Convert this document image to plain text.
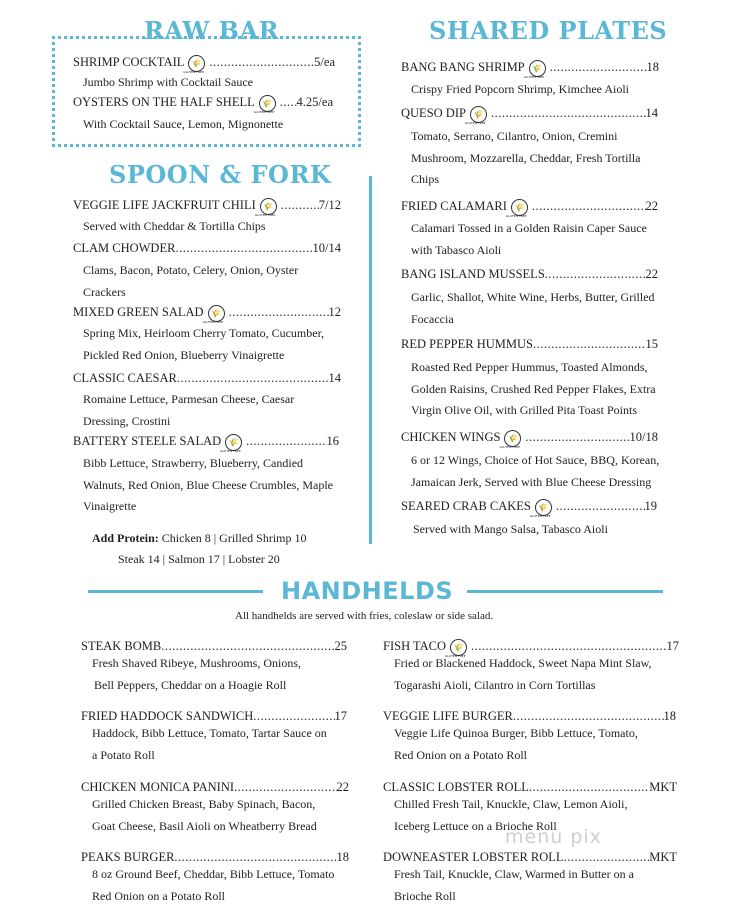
RAW BAR
SHRIMP COCKTAIL 🌾 GLUTEN FREE .....	5/ea
Jumbo Shrimp with Cocktail Sauce
OYSTERS ON THE HALF SHELL 🌾 GLUTEN FREE ..... 4.25/ea
With Cocktail Sauce, Lemon, Mignonette
SPOON & FORK
VEGGIE LIFE JACKFRUIT CHILI 🌾 GLUTEN FREE .....	7/12
Served with Cheddar & Tortilla Chips
CLAM CHOWDER .....	10/14
Clams, Bacon, Potato, Celery, Onion, Oyster
Crackers
MIXED GREEN SALAD 🌾 GLUTEN FREE .....	12
Spring Mix, Heirloom Cherry Tomato, Cucumber,
Pickled Red Onion, Blueberry Vinaigrette
CLASSIC CAESAR .....	14
Romaine Lettuce, Parmesan Cheese, Caesar
Dressing, Crostini
BATTERY STEELE SALAD 🌾 GLUTEN FREE .....	16
Bibb Lettuce, Strawberry, Blueberry, Candied
Walnuts, Red Onion, Blue Cheese Crumbles, Maple
Vinaigrette
Add Protein: Chicken 8 | Grilled Shrimp 10
Steak 14 | Salmon 17 | Lobster 20
SHARED PLATES
BANG BANG SHRIMP 🌾 GLUTEN FREE .....	18
Crispy Fried Popcorn Shrimp, Kimchee Aioli
QUESO DIP 🌾 GLUTEN FREE .....	14
Tomato, Serrano, Cilantro, Onion, Cremini
Mushroom, Mozzarella, Cheddar, Fresh Tortilla
Chips
FRIED CALAMARI 🌾 GLUTEN FREE .....	22
Calamari Tossed in a Golden Raisin Caper Sauce
with Tabasco Aioli
BANG ISLAND MUSSELS .....	22
Garlic, Shallot, White Wine, Herbs, Butter, Grilled
Focaccia
RED PEPPER HUMMUS .....	15
Roasted Red Pepper Hummus, Toasted Almonds,
Golden Raisins, Crushed Red Pepper Flakes, Extra
Virgin Olive Oil, with Grilled Pita Toast Points
CHICKEN WINGS 🌾 GLUTEN FREE .....	10/18
6 or 12 Wings, Choice of Hot Sauce, BBQ, Korean,
Jamaican Jerk, Served with Blue Cheese Dressing
SEARED CRAB CAKES 🌾 GLUTEN FREE .....	19
Served with Mango Salsa, Tabasco Aioli
HANDHELDS
All handhelds are served with fries, coleslaw or side salad.
STEAK BOMB .....	25
Fresh Shaved Ribeye, Mushrooms, Onions,
Bell Peppers, Cheddar on a Hoagie Roll
FRIED HADDOCK SANDWICH .....	17
Haddock, Bibb Lettuce, Tomato, Tartar Sauce on
a Potato Roll
CHICKEN MONICA PANINI .....	22
Grilled Chicken Breast, Baby Spinach, Bacon,
Goat Cheese, Basil Aioli on Wheatberry Bread
PEAKS BURGER .....	18
8 oz Ground Beef, Cheddar, Bibb Lettuce, Tomato
Red Onion on a Potato Roll
FISH TACO 🌾 GLUTEN FREE .....	17
Fried or Blackened Haddock, Sweet Napa Mint Slaw,
Togarashi Aioli, Cilantro in Corn Tortillas
VEGGIE LIFE BURGER .....	18
Veggie Life Quinoa Burger, Bibb Lettuce, Tomato,
Red Onion on a Potato Roll
CLASSIC LOBSTER ROLL .....	MKT
Chilled Fresh Tail, Knuckle, Claw, Lemon Aioli,
Iceberg Lettuce on a Brioche Roll
DOWNEASTER LOBSTER ROLL .....	MKT
Fresh Tail, Knuckle, Claw, Warmed in Butter on a
Brioche Roll
menu pix
